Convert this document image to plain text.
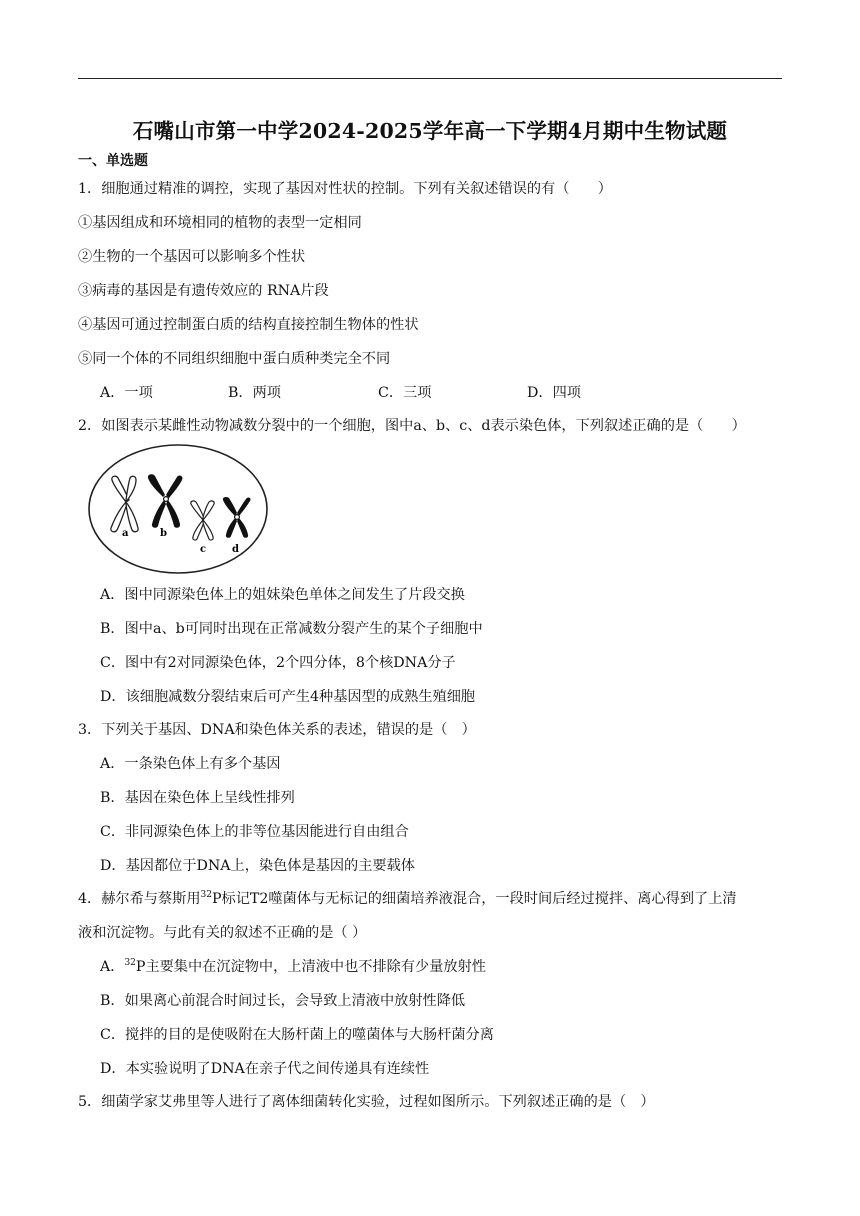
石嘴山市第一中学2024-2025学年高一下学期4月期中生物试题
一、单选题
1．细胞通过精准的调控，实现了基因对性状的控制。下列有关叙述错误的有（　　）
①基因组成和环境相同的植物的表型一定相同
②生物的一个基因可以影响多个性状
③病毒的基因是有遗传效应的 RNA片段
④基因可通过控制蛋白质的结构直接控制生物体的性状
⑤同一个体的不同组织细胞中蛋白质种类完全不同
A．一项	B．两项	C．三项	D．四项
2．如图表示某雌性动物减数分裂中的一个细胞，图中a、b、c、d表示染色体，下列叙述正确的是（　　）
a	b
c	d
A．图中同源染色体上的姐妹染色单体之间发生了片段交换
B．图中a、b可同时出现在正常减数分裂产生的某个子细胞中
C．图中有2对同源染色体，2个四分体，8个核DNA分子
D．该细胞减数分裂结束后可产生4种基因型的成熟生殖细胞
3．下列关于基因、DNA和染色体关系的表述，错误的是（　）
A．一条染色体上有多个基因
B．基因在染色体上呈线性排列
C．非同源染色体上的非等位基因能进行自由组合
D．基因都位于DNA上，染色体是基因的主要载体
4．赫尔希与蔡斯用$^{32}$P标记T2噬菌体与无标记的细菌培养液混合，一段时间后经过搅拌、离心得到了上清
液和沉淀物。与此有关的叙述不正确的是（ ）
A．$^{32}$P主要集中在沉淀物中，上清液中也不排除有少量放射性
B．如果离心前混合时间过长，会导致上清液中放射性降低
C．搅拌的目的是使吸附在大肠杆菌上的噬菌体与大肠杆菌分离
D．本实验说明了DNA在亲子代之间传递具有连续性
5．细菌学家艾弗里等人进行了离体细菌转化实验，过程如图所示。下列叙述正确的是（　）
